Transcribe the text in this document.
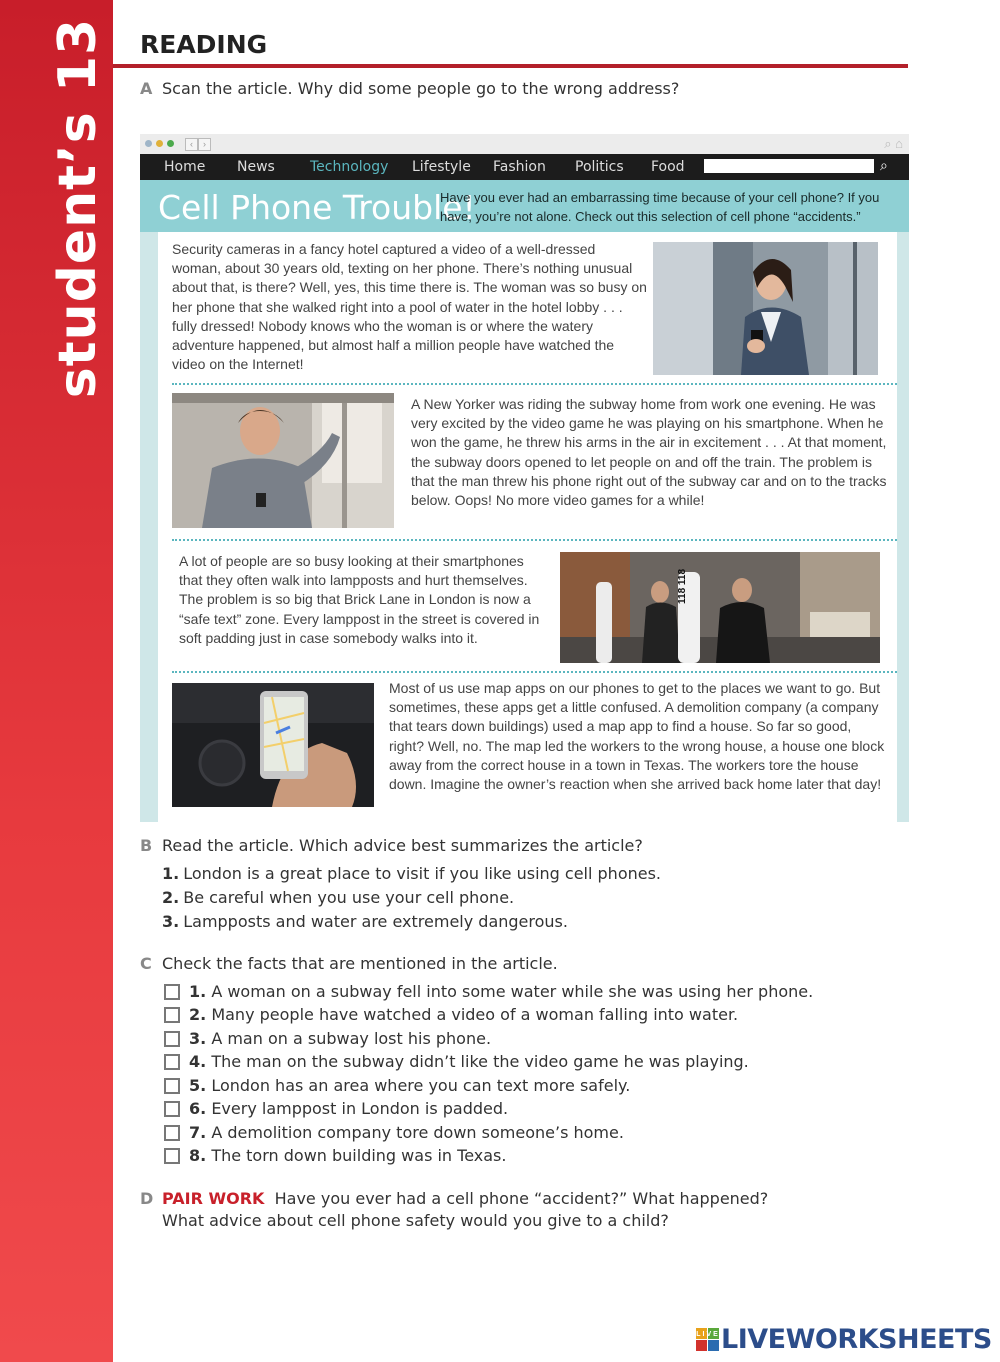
student’s 13 READING
A Scan the article. Why did some people go to the wrong address?
‹	›	⌕ ⌂
Home News	Technology Lifestyle Fashion Politics Food	⌕
Cell Phone Trouble!
Have you ever had an embarrassing time because of your cell phone? If you have, you’re not alone. Check out this selection of cell phone “accidents.”
Security cameras in a fancy hotel captured a video of a well-dressed woman, about 30 years old, texting on her phone. There’s nothing unusual about that, is there? Well, yes, this time there is. The woman was so busy on her phone that she walked right into a pool of water in the hotel lobby . . . fully dressed! Nobody knows who the woman is or where the watery adventure happened, but almost half a million people have watched the video on the Internet!
A New Yorker was riding the subway home from work one evening. He was very excited by the video game he was playing on his smartphone. When he won the game, he threw his arms in the air in excitement . . . At that moment, the subway doors opened to let people on and off the train. The problem is that the man threw his phone right out of the subway car and on to the tracks below. Oops! No more video games for a while!
A lot of people are so busy looking at their smartphones that they often walk into lampposts and hurt themselves. The problem is so big that Brick Lane in London is now a “safe text” zone. Every lamppost in the street is covered in soft padding just in case somebody walks into it.
118 118
Most of us use map apps on our phones to get to the places we want to go. But sometimes, these apps get a little confused. A demolition company (a company that tears down buildings) used a map app to find a house. So far so good, right? Well, no. The map led the workers to the wrong house, a house one block away from the correct house in a town in Texas. The workers tore the house down. Imagine the owner’s reaction when she arrived back home later that day!
B Read the article. Which advice best summarizes the article?
1. London is a great place to visit if you like using cell phones.
2. Be careful when you use your cell phone.
3. Lampposts and water are extremely dangerous.
C Check the facts that are mentioned in the article.
1. A woman on a subway fell into some water while she was using her phone.
2. Many people have watched a video of a woman falling into water.
3. A man on a subway lost his phone.
4. The man on the subway didn’t like the video game he was playing.
5. London has an area where you can text more safely.
6. Every lamppost in London is padded.
7. A demolition company tore down someone’s home.
8. The torn down building was in Texas.
D PAIR WORK Have you ever had a cell phone “accident?” What happened?
What advice about cell phone safety would you give to a child?
LIVE LIVEWORKSHEETS
